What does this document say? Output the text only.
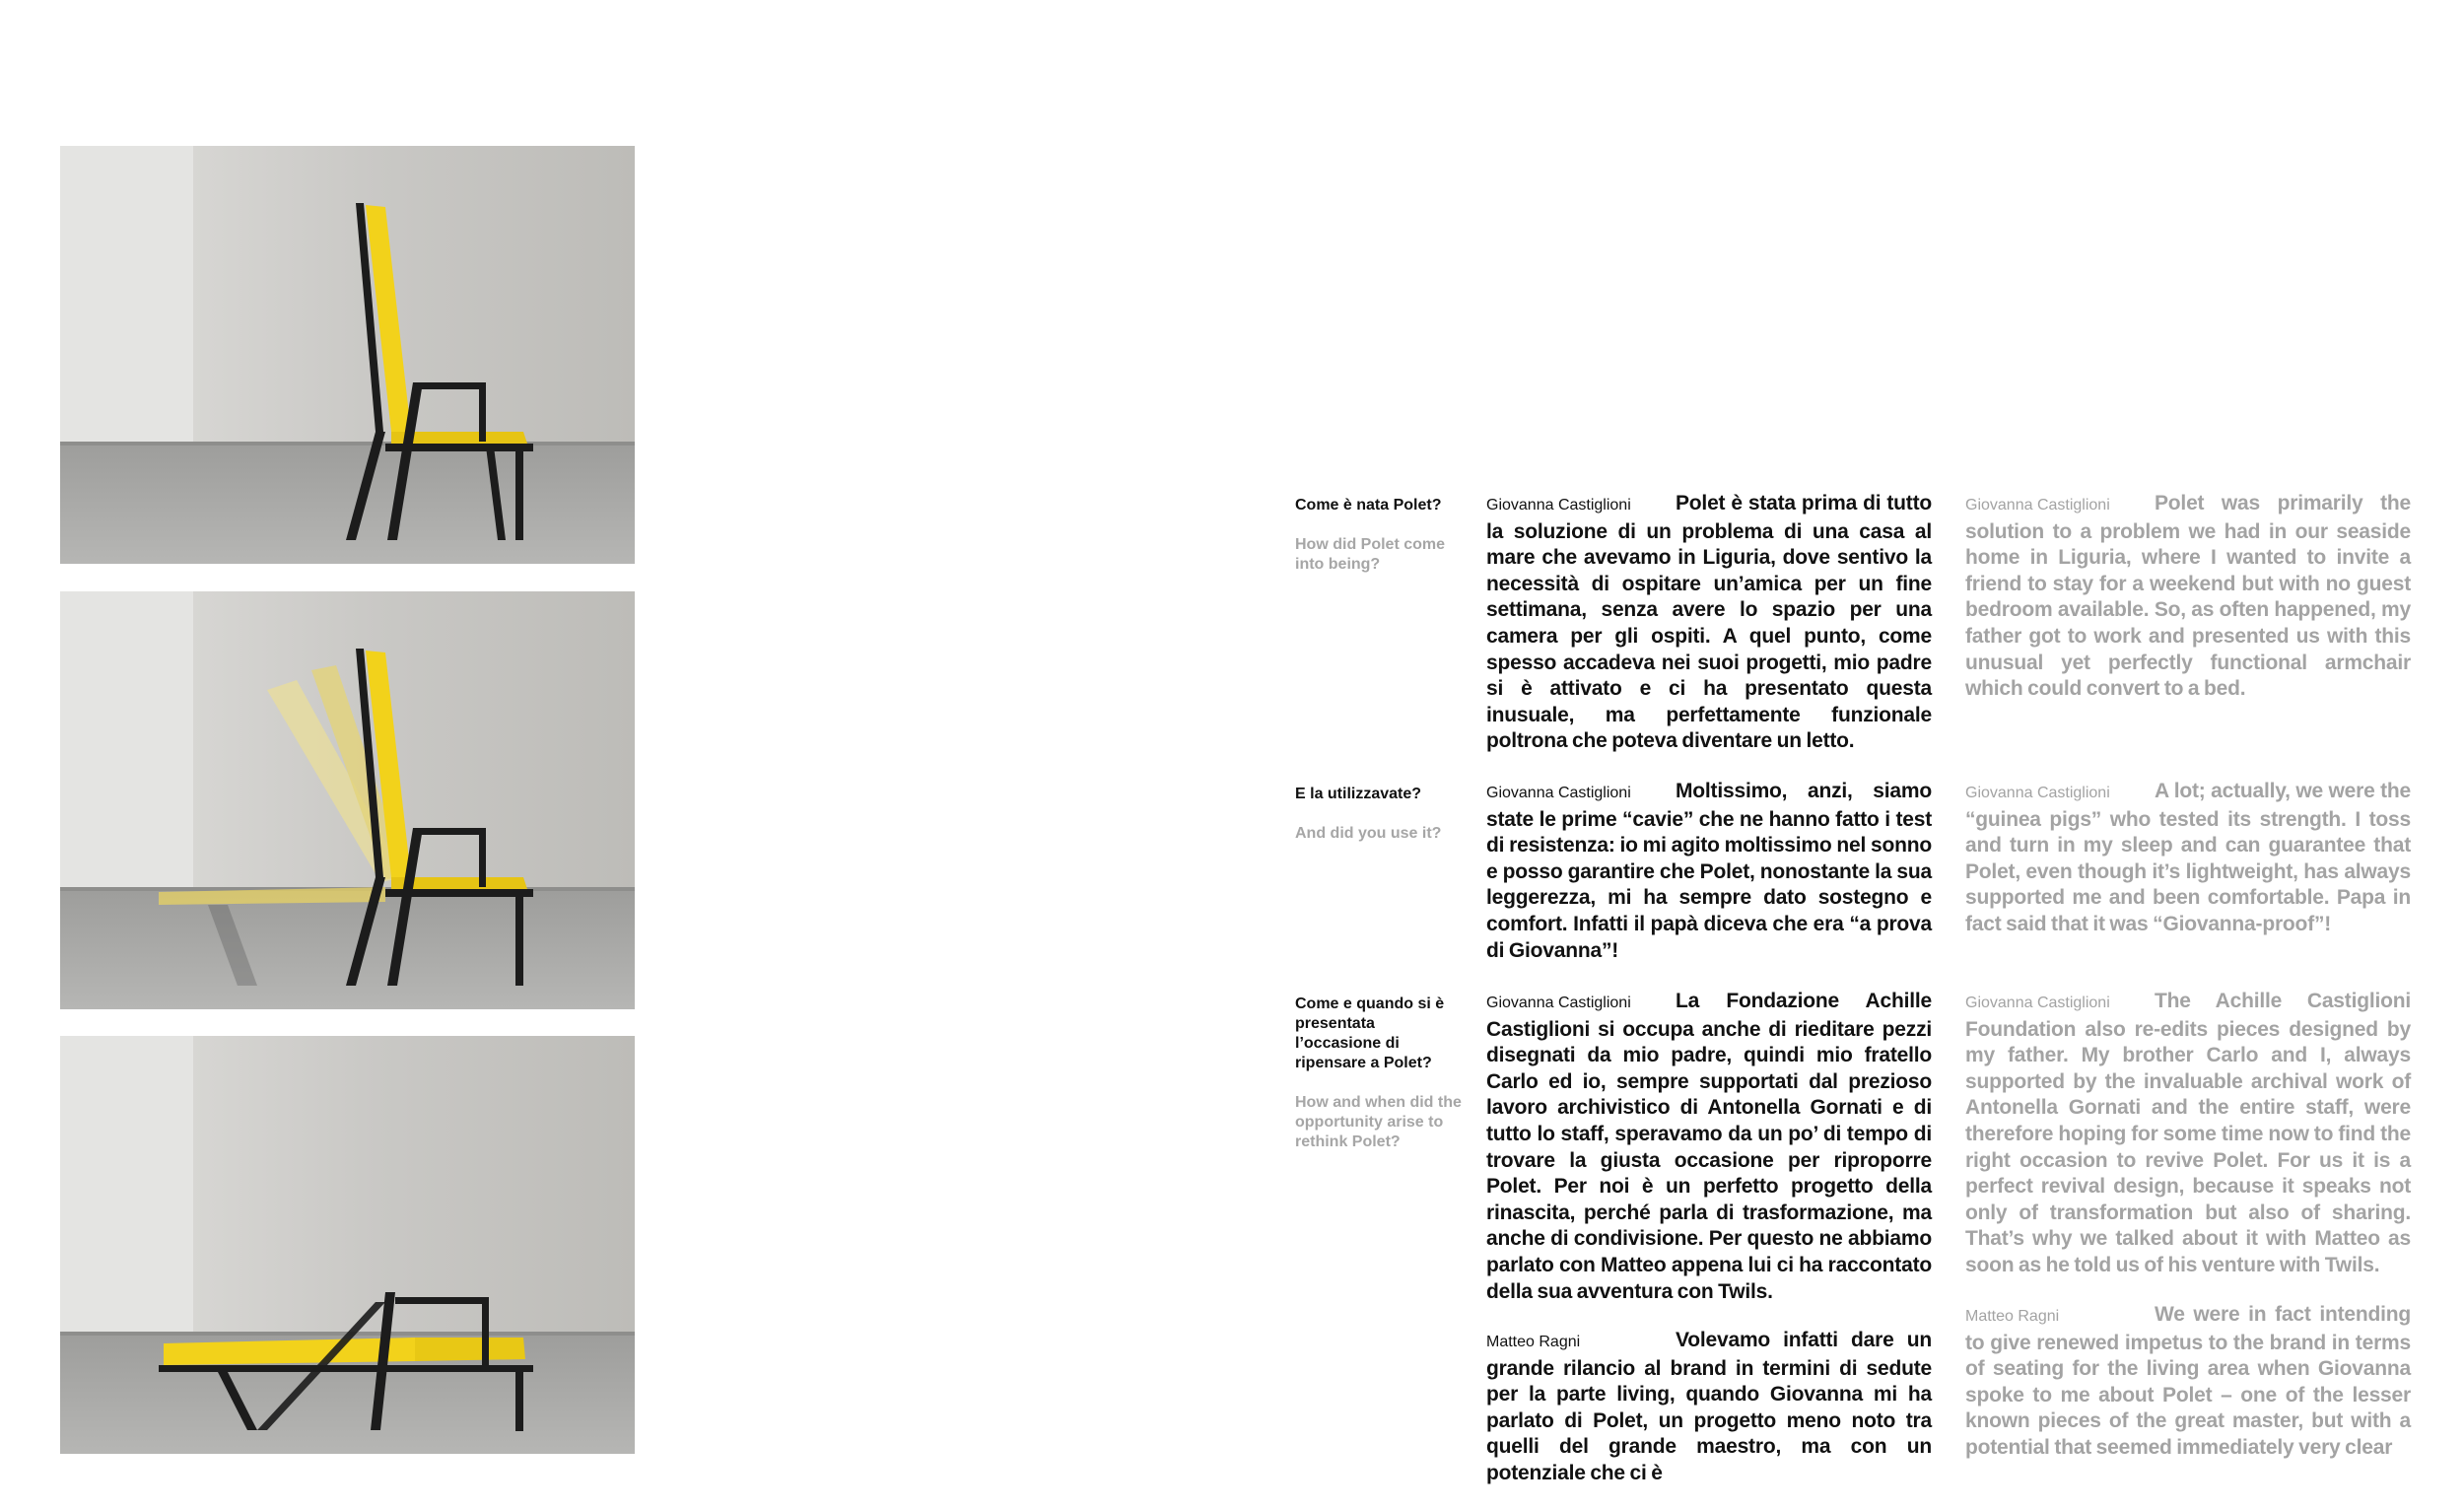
Come è nata Polet?
How did Polet come into being?
Giovanna Castiglioni Polet è stata prima di tutto la soluzione di un problema di una casa al mare che avevamo in Liguria, dove sentivo la necessità di ospitare un’amica per un fine settimana, senza avere lo spazio per una camera per gli ospiti. A quel punto, come spesso accadeva nei suoi progetti, mio padre si è attivato e ci ha presentato questa inusuale, ma perfettamente funzionale poltrona che poteva diventare un letto.
Giovanna Castiglioni Polet was primarily the solution to a problem we had in our seaside home in Liguria, where I wanted to invite a friend to stay for a weekend but with no guest bedroom available. So, as often happened, my father got to work and presented us with this unusual yet perfectly functional armchair which could convert to a bed.
E la utilizzavate?
And did you use it?
Giovanna Castiglioni Moltissimo, anzi, siamo state le prime “cavie” che ne hanno fatto i test di resistenza: io mi agito moltissimo nel sonno e posso garantire che Polet, nonostante la sua leggerezza, mi ha sempre dato sostegno e comfort. Infatti il papà diceva che era “a prova di Giovanna”!
Giovanna Castiglioni A lot; actually, we were the “guinea pigs” who tested its strength. I toss and turn in my sleep and can guarantee that Polet, even though it’s lightweight, has always supported me and been comfortable. Papa in fact said that it was “Giovanna-proof”!
Come e quando si è presentata l’occasione di ripensare a Polet?
How and when did the opportunity arise to rethink Polet?
Giovanna Castiglioni La Fondazione Achille Castiglioni si occupa anche di rieditare pezzi disegnati da mio padre, quindi mio fratello Carlo ed io, sempre supportati dal prezioso lavoro archivistico di Antonella Gornati e di tutto lo staff, speravamo da un po’ di tempo di trovare la giusta occasione per riproporre Polet. Per noi è un perfetto progetto della rinascita, perché parla di trasformazione, ma anche di condivisione. Per questo ne abbiamo parlato con Matteo appena lui ci ha raccontato della sua avventura con Twils.
Giovanna Castiglioni The Achille Castiglioni Foundation also re-edits pieces designed by my father. My brother Carlo and I, always supported by the invaluable archival work of Antonella Gornati and the entire staff, were therefore hoping for some time now to find the right occasion to revive Polet. For us it is a perfect revival design, because it speaks not only of transformation but also of sharing. That’s why we talked about it with Matteo as soon as he told us of his venture with Twils.
Matteo Ragni	Volevamo infatti dare un grande rilancio al brand in termini di sedute per la parte living, quando Giovanna mi ha parlato di Polet, un progetto meno noto tra quelli del grande maestro, ma con un potenziale che ci è
Matteo Ragni	We were in fact intending to give renewed impetus to the brand in terms of seating for the living area when Giovanna spoke to me about Polet – one of the lesser known pieces of the great master, but with a potential that seemed immediately very clear
